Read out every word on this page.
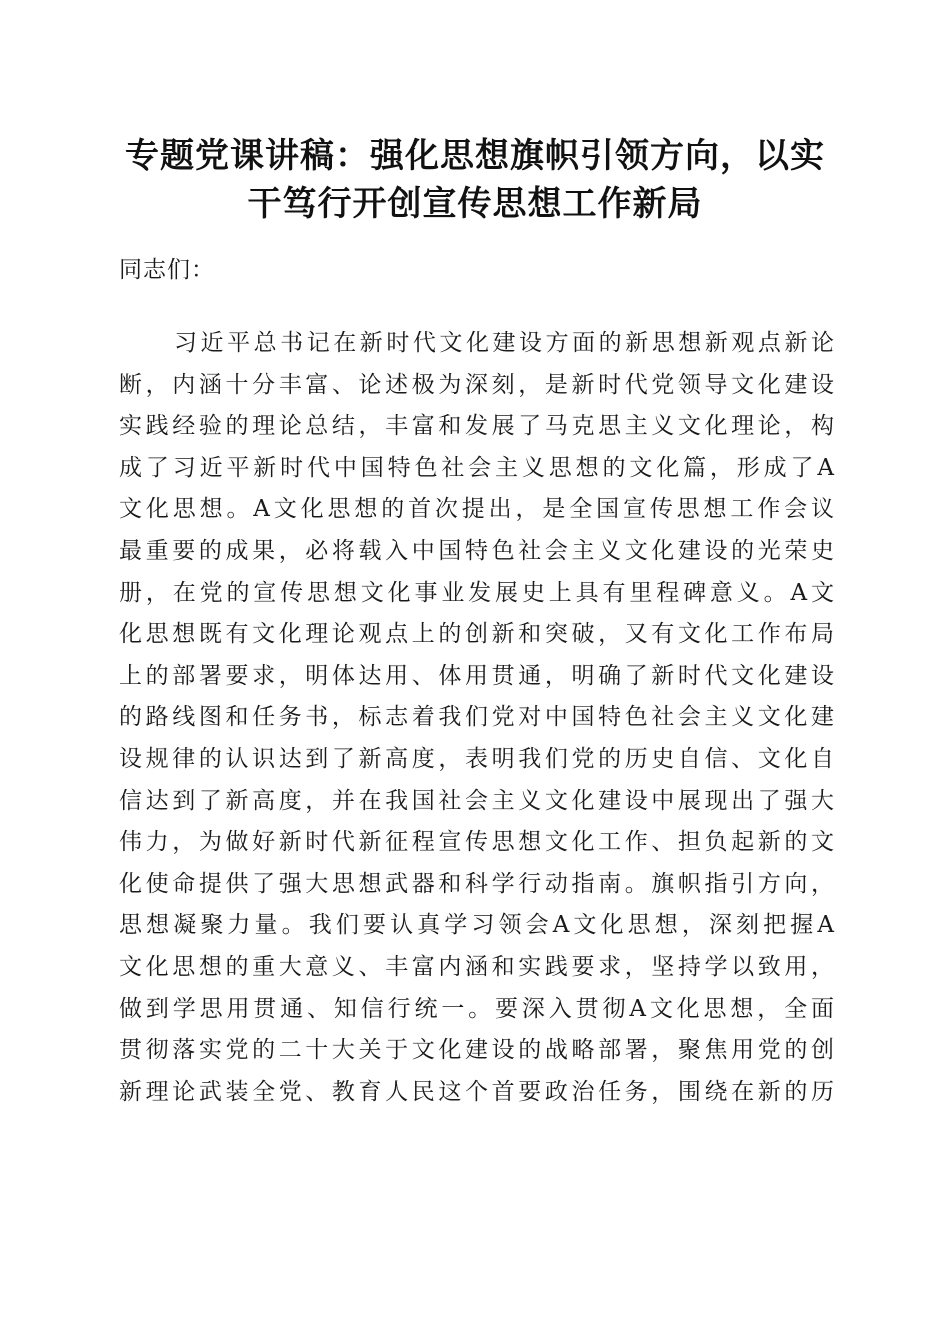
专题党课讲稿：强化思想旗帜引领方向，以实
干笃行开创宣传思想工作新局

同志们：

习近平总书记在新时代文化建设方面的新思想新观点新论
断，内涵十分丰富、论述极为深刻，是新时代党领导文化建设
实践经验的理论总结，丰富和发展了马克思主义文化理论，构
成了习近平新时代中国特色社会主义思想的文化篇，形成了A
文化思想。A文化思想的首次提出，是全国宣传思想工作会议
最重要的成果，必将载入中国特色社会主义文化建设的光荣史
册，在党的宣传思想文化事业发展史上具有里程碑意义。A文
化思想既有文化理论观点上的创新和突破，又有文化工作布局
上的部署要求，明体达用、体用贯通，明确了新时代文化建设
的路线图和任务书，标志着我们党对中国特色社会主义文化建
设规律的认识达到了新高度，表明我们党的历史自信、文化自
信达到了新高度，并在我国社会主义文化建设中展现出了强大
伟力，为做好新时代新征程宣传思想文化工作、担负起新的文
化使命提供了强大思想武器和科学行动指南。旗帜指引方向，
思想凝聚力量。我们要认真学习领会A文化思想，深刻把握A
文化思想的重大意义、丰富内涵和实践要求，坚持学以致用，
做到学思用贯通、知信行统一。要深入贯彻A文化思想，全面
贯彻落实党的二十大关于文化建设的战略部署，聚焦用党的创
新理论武装全党、教育人民这个首要政治任务，围绕在新的历
